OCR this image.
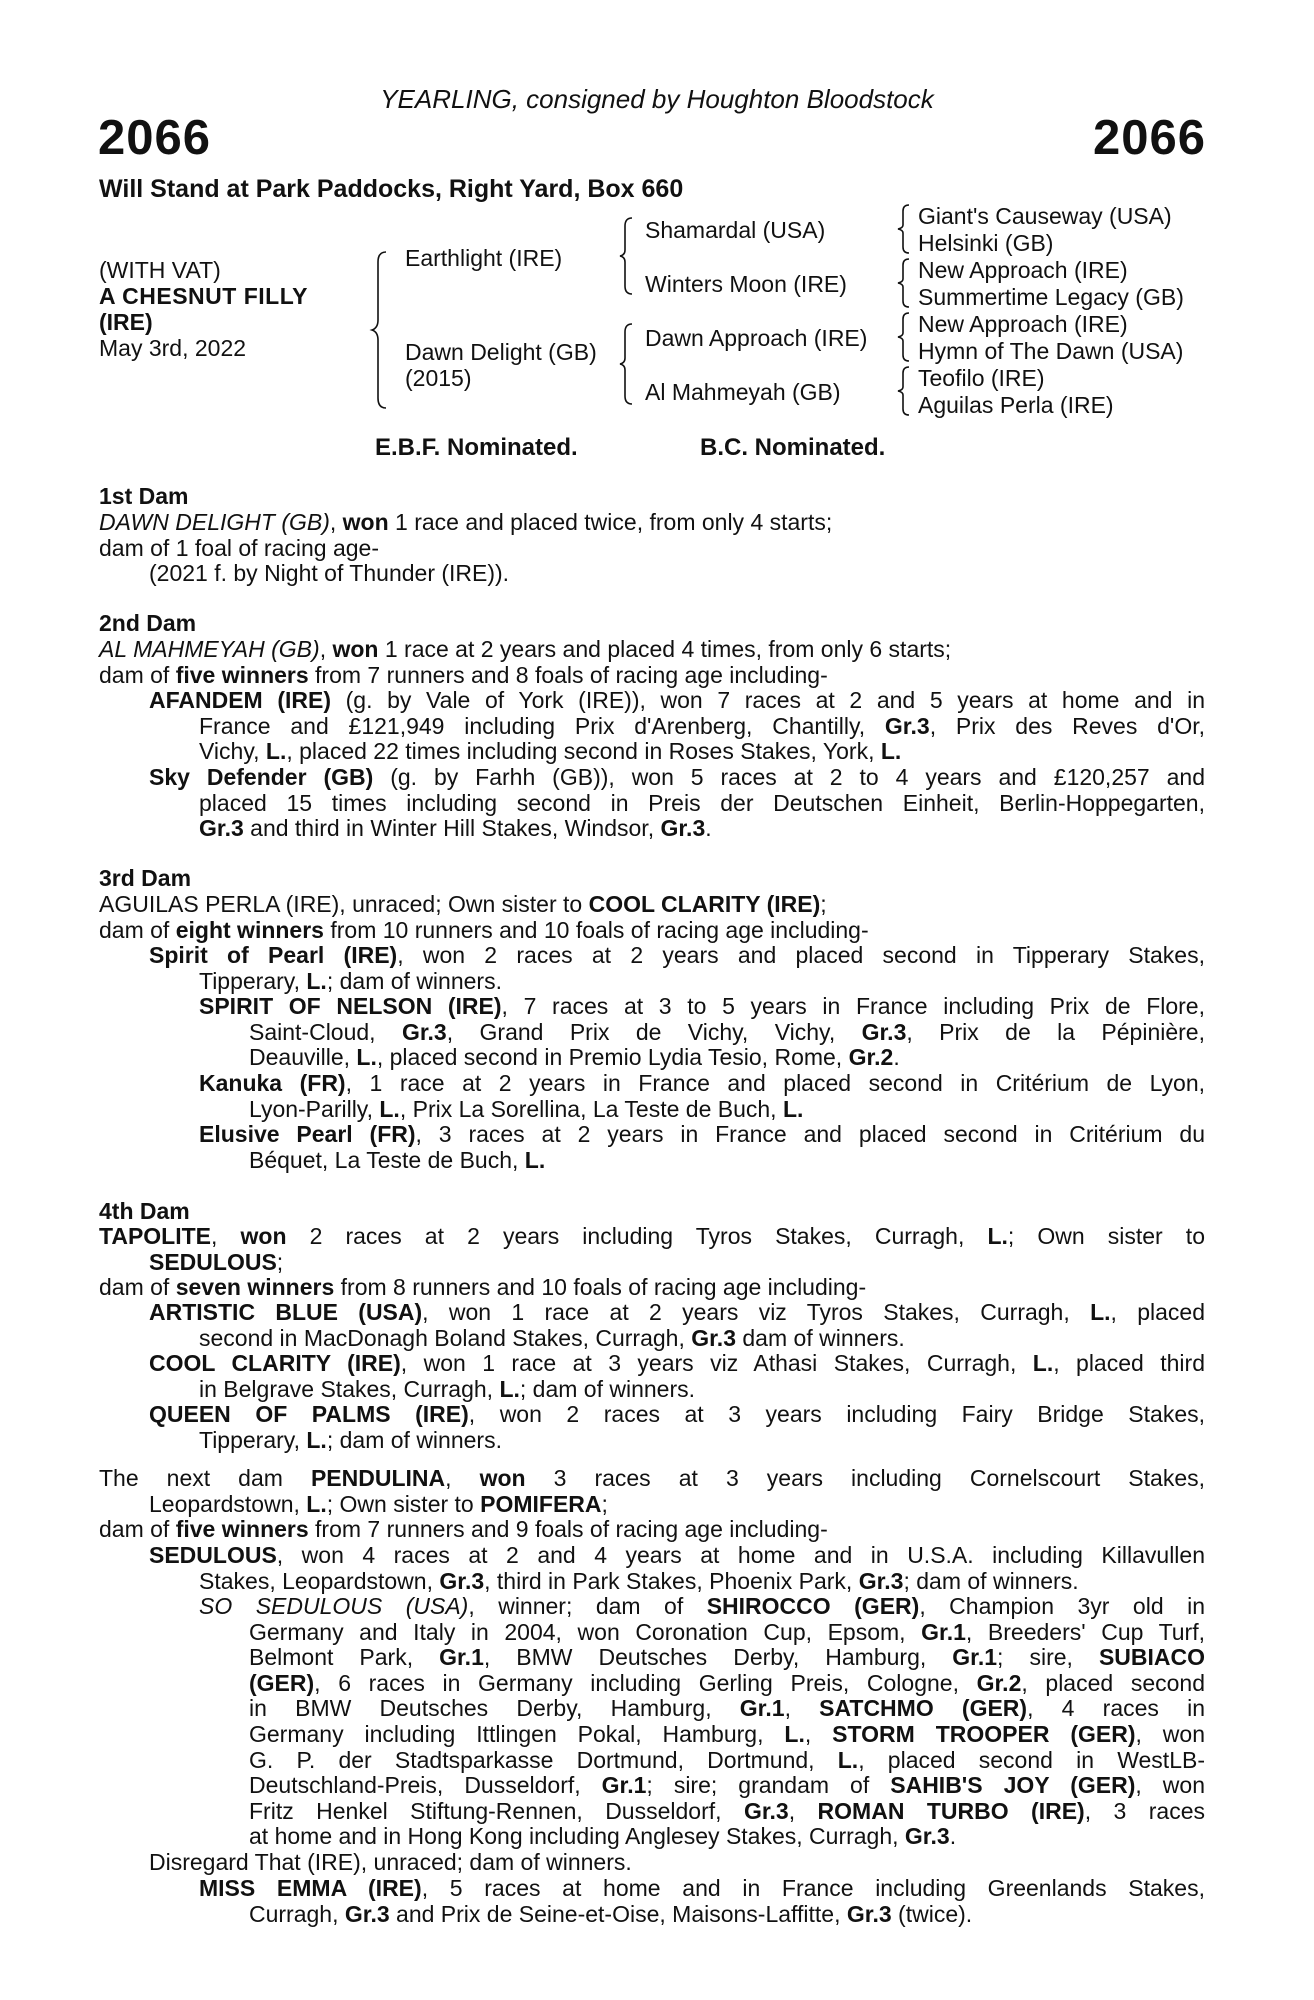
YEARLING, consigned by Houghton Bloodstock
2066	2066
Will Stand at Park Paddocks, Right Yard, Box 660
(WITH VAT)
A CHESNUT FILLY
(IRE)
May 3rd, 2022
Earthlight (IRE)
Dawn Delight (GB)
(2015)
Shamardal (USA)
Winters Moon (IRE)
Dawn Approach (IRE)
Al Mahmeyah (GB)
Giant's Causeway (USA)
Helsinki (GB)
New Approach (IRE)
Summertime Legacy (GB)
New Approach (IRE)
Hymn of The Dawn (USA)
Teofilo (IRE)
Aguilas Perla (IRE)
E.B.F. Nominated.	B.C. Nominated.
1st Dam
DAWN DELIGHT (GB), won 1 race and placed twice, from only 4 starts;
dam of 1 foal of racing age-
(2021 f. by Night of Thunder (IRE)).
2nd Dam
AL MAHMEYAH (GB), won 1 race at 2 years and placed 4 times, from only 6 starts;
dam of five winners from 7 runners and 8 foals of racing age including-
AFANDEM (IRE) (g. by Vale of York (IRE)), won 7 races at 2 and 5 years at home and in
France and £121,949 including Prix d'Arenberg, Chantilly, Gr.3, Prix des Reves d'Or,
Vichy, L., placed 22 times including second in Roses Stakes, York, L.
Sky Defender (GB) (g. by Farhh (GB)), won 5 races at 2 to 4 years and £120,257 and
placed 15 times including second in Preis der Deutschen Einheit, Berlin-Hoppegarten,
Gr.3 and third in Winter Hill Stakes, Windsor, Gr.3.
3rd Dam
AGUILAS PERLA (IRE), unraced; Own sister to COOL CLARITY (IRE);
dam of eight winners from 10 runners and 10 foals of racing age including-
Spirit of Pearl (IRE), won 2 races at 2 years and placed second in Tipperary Stakes,
Tipperary, L.; dam of winners.
SPIRIT OF NELSON (IRE), 7 races at 3 to 5 years in France including Prix de Flore,
Saint-Cloud, Gr.3, Grand Prix de Vichy, Vichy, Gr.3, Prix de la Pépinière,
Deauville, L., placed second in Premio Lydia Tesio, Rome, Gr.2.
Kanuka (FR), 1 race at 2 years in France and placed second in Critérium de Lyon,
Lyon-Parilly, L., Prix La Sorellina, La Teste de Buch, L.
Elusive Pearl (FR), 3 races at 2 years in France and placed second in Critérium du
Béquet, La Teste de Buch, L.
4th Dam
TAPOLITE, won 2 races at 2 years including Tyros Stakes, Curragh, L.; Own sister to
SEDULOUS;
dam of seven winners from 8 runners and 10 foals of racing age including-
ARTISTIC BLUE (USA), won 1 race at 2 years viz Tyros Stakes, Curragh, L., placed
second in MacDonagh Boland Stakes, Curragh, Gr.3 dam of winners.
COOL CLARITY (IRE), won 1 race at 3 years viz Athasi Stakes, Curragh, L., placed third
in Belgrave Stakes, Curragh, L.; dam of winners.
QUEEN OF PALMS (IRE), won 2 races at 3 years including Fairy Bridge Stakes,
Tipperary, L.; dam of winners.
The next dam PENDULINA, won 3 races at 3 years including Cornelscourt Stakes,
Leopardstown, L.; Own sister to POMIFERA;
dam of five winners from 7 runners and 9 foals of racing age including-
SEDULOUS, won 4 races at 2 and 4 years at home and in U.S.A. including Killavullen
Stakes, Leopardstown, Gr.3, third in Park Stakes, Phoenix Park, Gr.3; dam of winners.
SO SEDULOUS (USA), winner; dam of SHIROCCO (GER), Champion 3yr old in
Germany and Italy in 2004, won Coronation Cup, Epsom, Gr.1, Breeders' Cup Turf,
Belmont Park, Gr.1, BMW Deutsches Derby, Hamburg, Gr.1; sire, SUBIACO
(GER), 6 races in Germany including Gerling Preis, Cologne, Gr.2, placed second
in BMW Deutsches Derby, Hamburg, Gr.1, SATCHMO (GER), 4 races in
Germany including Ittlingen Pokal, Hamburg, L., STORM TROOPER (GER), won
G. P. der Stadtsparkasse Dortmund, Dortmund, L., placed second in WestLB-
Deutschland-Preis, Dusseldorf, Gr.1; sire; grandam of SAHIB'S JOY (GER), won
Fritz Henkel Stiftung-Rennen, Dusseldorf, Gr.3, ROMAN TURBO (IRE), 3 races
at home and in Hong Kong including Anglesey Stakes, Curragh, Gr.3.
Disregard That (IRE), unraced; dam of winners.
MISS EMMA (IRE), 5 races at home and in France including Greenlands Stakes,
Curragh, Gr.3 and Prix de Seine-et-Oise, Maisons-Laffitte, Gr.3 (twice).
